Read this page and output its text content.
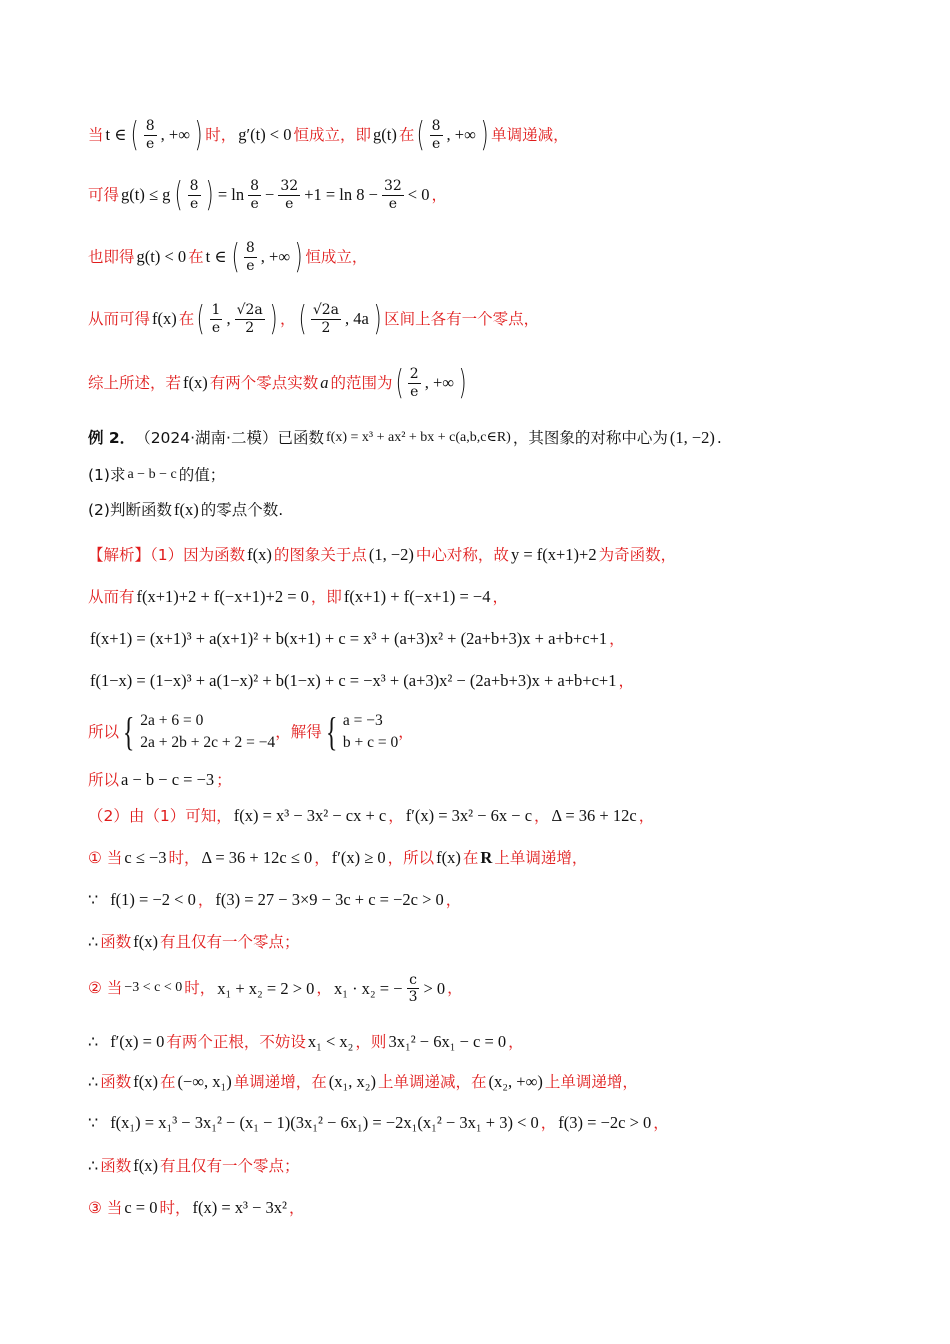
当 t ∈ ( $\frac{8}{e}$ , +∞ ) 时， g′(t) < 0 恒成立，即 g(t) 在 ( $\frac{8}{e}$ , +∞ ) 单调递减，
可得 g(t) ≤ g ( $\frac{8}{e}$ ) = $\ln \frac{8}{e} - \frac{32}{e} +1 = \ln 8 - \frac{32}{e} < 0$ ，
也即得 g(t) < 0 在 t ∈ ( $\frac{8}{e}$ , +∞ ) 恒成立，
从而可得 f(x) 在 ( $\frac{1}{e}$ , $\frac{√2a}{2}$ ) ， ( $\frac{√2a}{2}$ , 4a ) 区间上各有一个零点，
综上所述，若 f(x) 有两个零点实数 a 的范围为 ( $\frac{2}{e}$ , +∞ )
例 2． （2024·湖南·二模）已函数 f(x) = x³ + ax² + bx + c(a,b,c∈R) ，其图象的对称中心为 (1, −2) .
(1)求 a − b − c 的值；
(2)判断函数 f(x) 的零点个数.
【解析】（1）因为函数 f(x) 的图象关于点 (1, −2) 中心对称，故 y = f(x+1)+2 为奇函数，
从而有 f(x+1)+2 + f(−x+1)+2 = 0 ，即 f(x+1) + f(−x+1) = −4 ，
f(x+1) = (x+1)³ + a(x+1)² + b(x+1) + c = x³ + (a+3)x² + (2a+b+3)x + a+b+c+1 ，
f(1−x) = (1−x)³ + a(1−x)² + b(1−x) + c = −x³ + (a+3)x² − (2a+b+3)x + a+b+c+1 ，
所以 { 2a + 6 = 0
2a + 2b + 2c + 2 = −4
，解得 { a = −3
b + c = 0
，
所以 a − b − c = −3 ；
（2）由（1）可知， f(x) = x³ − 3x² − cx + c ， f′(x) = 3x² − 6x − c ， Δ = 36 + 12c ，
① 当 c ≤ −3 时， Δ = 36 + 12c ≤ 0 ， f′(x) ≥ 0 ，所以 f(x) 在 R 上单调递增，
∵ f(1) = −2 < 0 ， f(3) = 27 − 3×9 − 3c + c = −2c > 0 ，
∴ 函数 f(x) 有且仅有一个零点；
② 当 −3 < c < 0 时， x₁ + x₂ = 2 > 0 ， x₁ · x₂ = − $\frac{c}{3} > 0$ ，
∴ f′(x) = 0 有两个正根，不妨设 x₁ < x₂ ，则 3x₁² − 6x₁ − c = 0 ，
∴ 函数 f(x) 在 (−∞, x₁) 单调递增，在 (x₁, x₂) 上单调递减，在 (x₂, +∞) 上单调递增，
∵ f(x₁) = x₁³ − 3x₁² − (x₁ − 1)(3x₁² − 6x₁) = −2x₁(x₁² − 3x₁ + 3) < 0 ， f(3) = −2c > 0 ，
∴ 函数 f(x) 有且仅有一个零点；
③ 当 c = 0 时， f(x) = x³ − 3x² ，
